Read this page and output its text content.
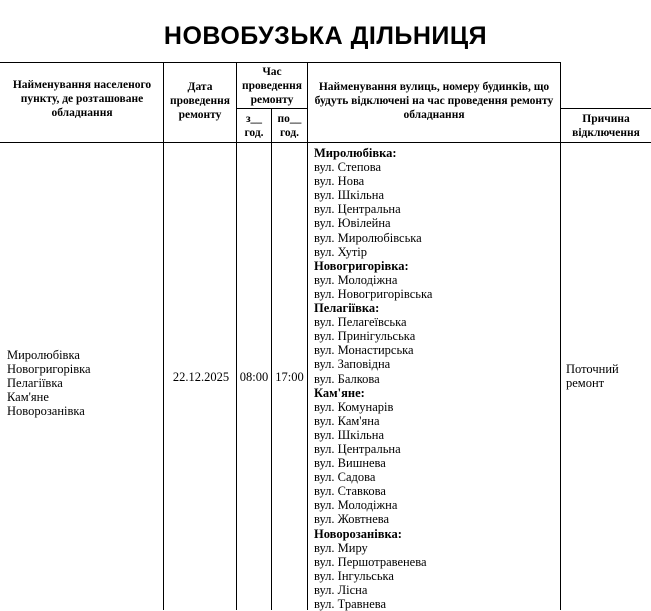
НОВОБУЗЬКА ДІЛЬНИЦЯ
Найменування населеного пункту, де розташоване обладнання
Дата проведення ремонту
Час проведення ремонту
з__ год.
по__ год.
Найменування вулиць, номеру будинків, що будуть відключені на час проведення ремонту обладнання	Причина відключення
Миролюбівка
Новогригорівка
Пелагіївка
Кам'яне
Новорозанівка
22.12.2025 08:00 17:00
Миролюбівка:
вул. Степова
вул. Нова
вул. Шкільна
вул. Центральна
вул. Ювілейна
вул. Миролюбівська
вул. Хутір
Новогригорівка:
вул. Молодіжна
вул. Новогригорівська
Пелагіївка:
вул. Пелагеївська
вул. Принігульська
вул. Монастирська
вул. Заповідна
вул. Балкова
Кам'яне:
вул. Комунарів
вул. Кам'яна
вул. Шкільна
вул. Центральна
вул. Вишнева
вул. Садова
вул. Ставкова
вул. Молодіжна
вул. Жовтнева
Новорозанівка:
вул. Миру
вул. Першотравенева
вул. Інгульська
вул. Лісна
вул. Травнева
Поточний ремонт
